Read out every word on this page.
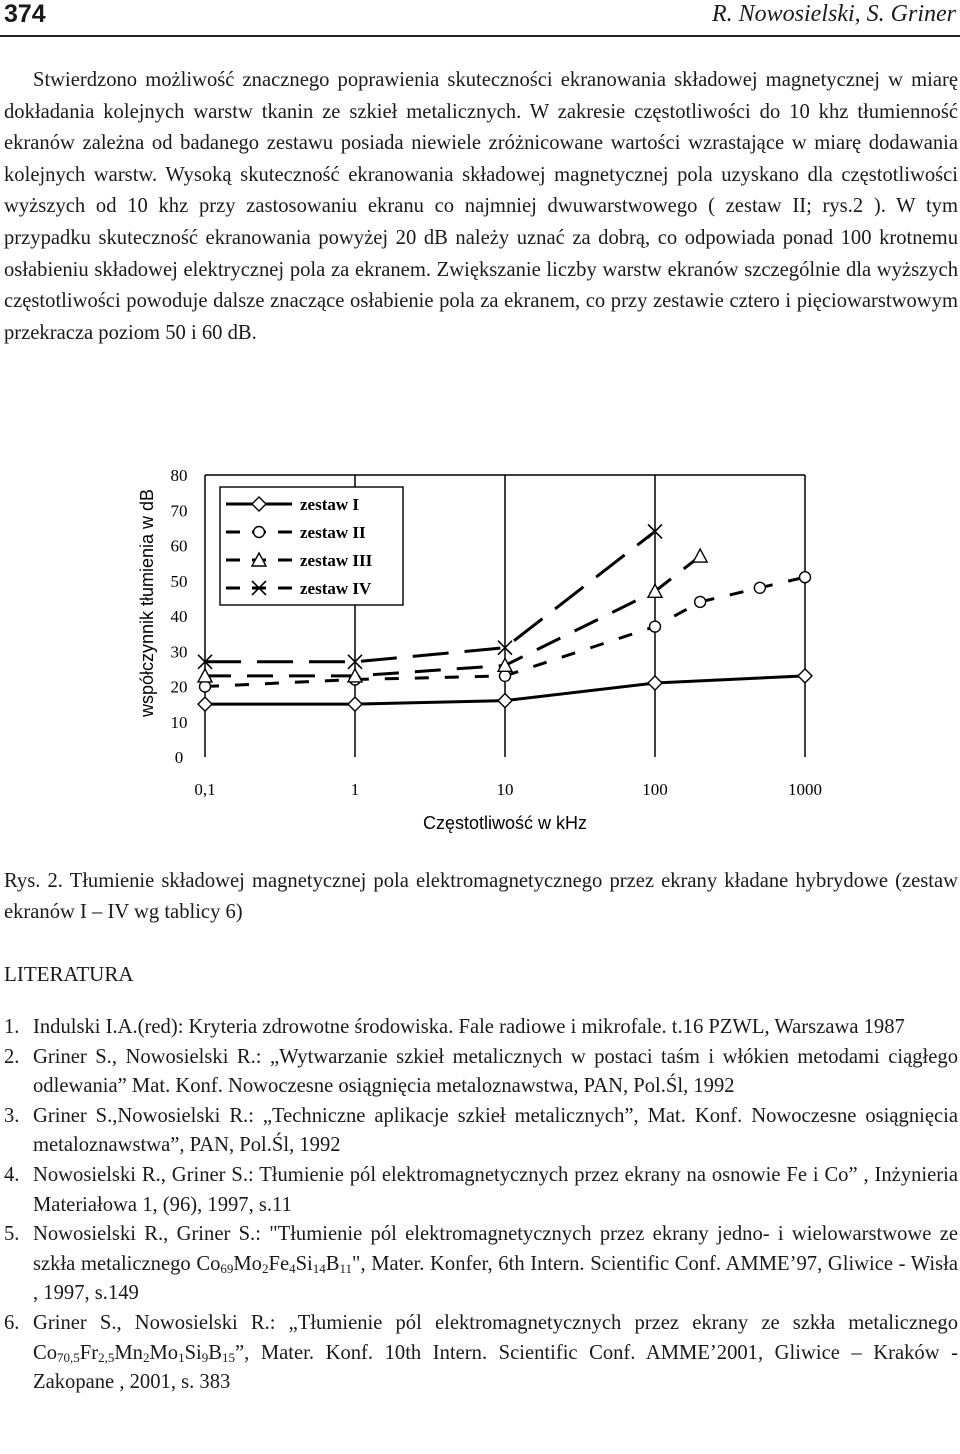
374	R. Nowosielski, S. Griner
Stwierdzono możliwość znacznego poprawienia skuteczności ekranowania składowej magnetycznej w miarę dokładania kolejnych warstw tkanin ze szkieł metalicznych. W zakresie częstotliwości do 10 khz tłumienność ekranów zależna od badanego zestawu posiada niewiele zróżnicowane wartości wzrastające w miarę dodawania kolejnych warstw. Wysoką skuteczność ekranowania składowej magnetycznej pola uzyskano dla częstotliwości wyższych od 10 khz przy zastosowaniu ekranu co najmniej dwuwarstwowego ( zestaw II; rys.2 ). W tym przypadku skuteczność ekranowania powyżej 20 dB należy uznać za dobrą, co odpowiada ponad 100 krotnemu osłabieniu składowej elektrycznej pola za ekranem. Zwiększanie liczby warstw ekranów szczególnie dla wyższych częstotliwości powoduje dalsze znaczące osłabienie pola za ekranem, co przy zestawie cztero i pięciowarstwowym przekracza poziom 50 i 60 dB.
0,1	1	10	100	1000
0
10
20
30
40
50
60
70
80
zestaw I
zestaw II
zestaw III
zestaw IV
współczynnik tłumienia w dB
Częstotliwość w kHz
Rys. 2. Tłumienie składowej magnetycznej pola elektromagnetycznego przez ekrany kładane hybrydowe (zestaw ekranów I – IV wg tablicy 6)
LITERATURA
1. Indulski I.A.(red): Kryteria zdrowotne środowiska. Fale radiowe i mikrofale. t.16 PZWL, Warszawa 1987
2. Griner S., Nowosielski R.: „Wytwarzanie szkieł metalicznych w postaci taśm i włókien metodami ciągłego odlewania” Mat. Konf. Nowoczesne osiągnięcia metaloznawstwa, PAN, Pol.Śl, 1992
3. Griner S.,Nowosielski R.: „Techniczne aplikacje szkieł metalicznych”, Mat. Konf. Nowoczesne osiągnięcia metaloznawstwa”, PAN, Pol.Śl, 1992
4. Nowosielski R., Griner S.: Tłumienie pól elektromagnetycznych przez ekrany na osnowie Fe i Co” , Inżynieria Materiałowa 1, (96), 1997, s.11
5. Nowosielski R., Griner S.: "Tłumienie pól elektromagnetycznych przez ekrany jedno- i wielowarstwowe ze szkła metalicznego $Co_{69}Mo_2Fe_4Si_{14}B_{11}$", Mater. Konfer, 6th Intern. Scientific Conf. AMME’97, Gliwice - Wisła , 1997, s.149
6. Griner S., Nowosielski R.: „Tłumienie pól elektromagnetycznych przez ekrany ze szkła metalicznego $Co_{70,5}Fr_{2,5}Mn_2Mo_1Si_9B_{15}$”, Mater. Konf. 10th Intern. Scientific Conf. AMME’2001, Gliwice – Kraków - Zakopane , 2001, s. 383
